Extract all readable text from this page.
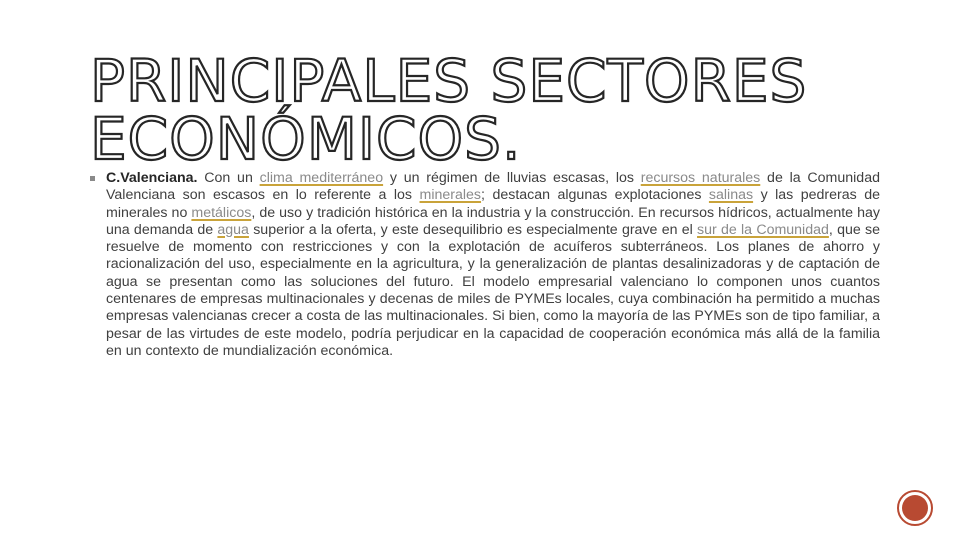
PRINCIPALES SECTORES
ECONÓMICOS.

C.Valenciana. Con un clima mediterráneo y un régimen de lluvias escasas, los recursos naturales de la Comunidad Valenciana son escasos en lo referente a los minerales; destacan algunas explotaciones salinas y las pedreras de minerales no metálicos, de uso y tradición histórica en la industria y la construcción. En recursos hídricos, actualmente hay una demanda de agua superior a la oferta, y este desequilibrio es especialmente grave en el sur de la Comunidad, que se resuelve de momento con restricciones y con la explotación de acuíferos subterráneos. Los planes de ahorro y racionalización del uso, especialmente en la agricultura, y la generalización de plantas desalinizadoras y de captación de agua se presentan como las soluciones del futuro. El modelo empresarial valenciano lo componen unos cuantos centenares de empresas multinacionales y decenas de miles de PYMEs locales, cuya combinación ha permitido a muchas empresas valencianas crecer a costa de las multinacionales. Si bien, como la mayoría de las PYMEs son de tipo familiar, a pesar de las virtudes de este modelo, podría perjudicar en la capacidad de cooperación económica más allá de la familia en un contexto de mundialización económica.
